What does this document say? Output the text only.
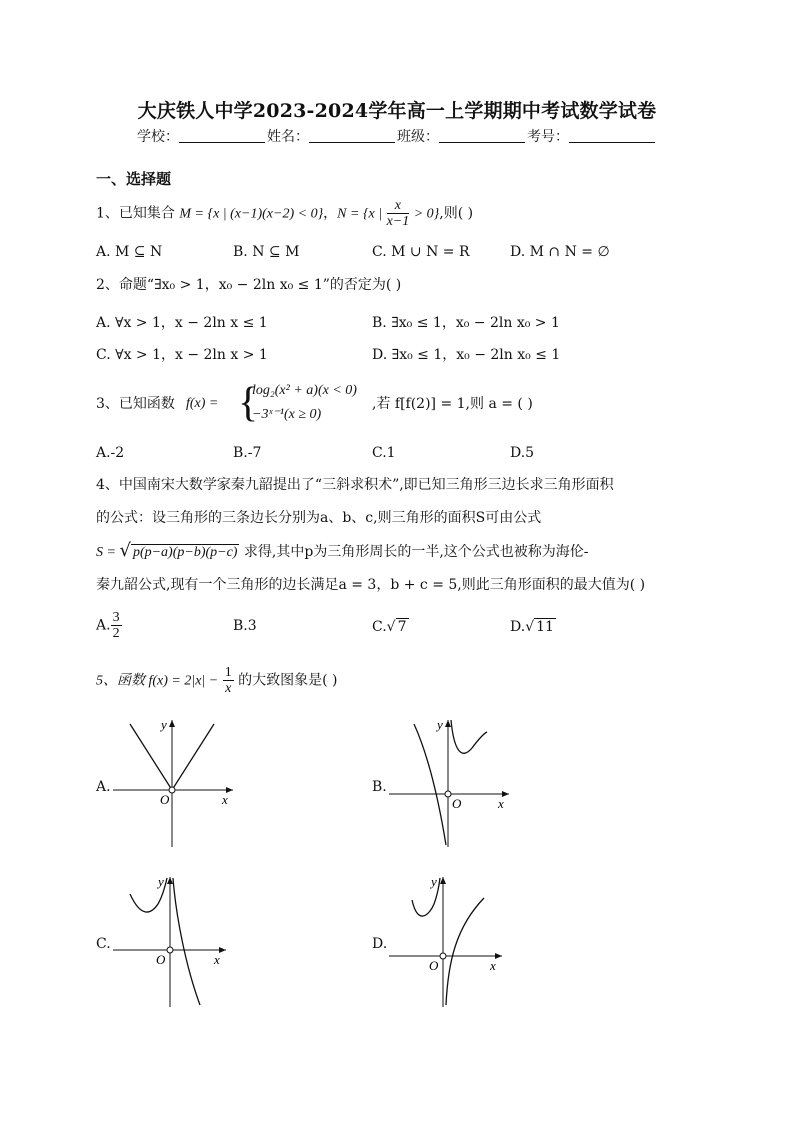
大庆铁人中学2023-2024学年高一上学期期中考试数学试卷
学校：	姓名：	班级：	考号：
一、选择题
1、已知集合 M = {x | (x−1)(x−2) < 0}，N = {x | $\frac{x}{x-1} > 0$},则( )
A. M ⊆ N	B. N ⊆ M	C. M ∪ N = R	D. M ∩ N = ∅
2、命题“∃x₀ > 1，x₀ − 2ln x₀ ≤ 1”的否定为( )
A. ∀x > 1，x − 2ln x ≤ 1	B. ∃x₀ ≤ 1，x₀ − 2ln x₀ > 1
C. ∀x > 1，x − 2ln x > 1	D. ∃x₀ ≤ 1，x₀ − 2ln x₀ ≤ 1
3、已知函数 f(x) = {
log₂(x² + a)(x < 0)
−3ˣ⁻¹(x ≥ 0)
,若 f[f(2)] = 1,则 a = ( )
A.-2	B.-7	C.1	D.5
4、中国南宋大数学家秦九韶提出了“三斜求积术”,即已知三角形三边长求三角形面积
的公式：设三角形的三条边长分别为a、b、c,则三角形的面积S可由公式
S = √ p(p−a)(p−b)(p−c) 求得,其中p为三角形周长的一半,这个公式也被称为海伦-
秦九韶公式,现有一个三角形的边长满足a = 3，b + c = 5,则此三角形面积的最大值为( )
A. $\frac{3}{2}$	B.3	C.√ 7	D.√ 11
5、函数 $f(x) = 2|x| - \frac{1}{x}$ 的大致图象是( )
A.
y
x
O
B.
y
x
O
C.
y
x
O
D.
y
x
O
